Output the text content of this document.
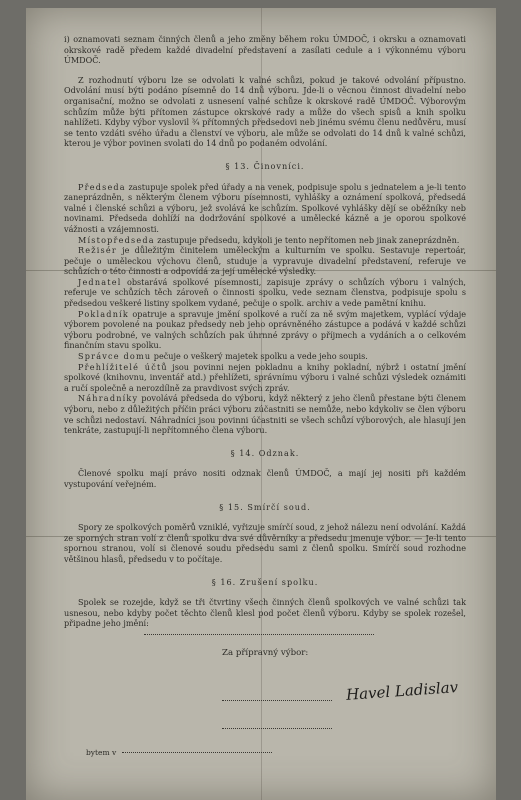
i) oznamovati seznam činných členů a jeho změny během roku ÚMDOČ, i okrsku a oznamovati okrskové radě předem každé divadelní představení a zasílati cedule a i výkonnému výboru ÚMDOČ.

Z rozhodnutí výboru lze se odvolati k valné schůzi, pokud je takové odvolání přípustno. Odvolání musí býti podáno písemně do 14 dnů výboru. Jde-li o věcnou činnost divadelní nebo organisační, možno se odvolati z usnesení valné schůze k okrskové radě ÚMDOČ. Výborovým schůzím může býti přítomen zástupce okrskové rady a může do všech spisů a knih spolku nahlížeti. Kdyby výbor vyslovil ¾ přítomných předsedovi neb jinému svému členu nedůvěru, musí se tento vzdáti svého úřadu a členství ve výboru, ale může se odvolati do 14 dnů k valné schůzi, kterou je výbor povinen svolati do 14 dnů po podaném odvolání.

§ 13. Činovníci.

Předseda zastupuje spolek před úřady a na venek, podpisuje spolu s jednatelem a je-li tento zaneprázdněn, s některým členem výboru písemnosti, vyhlášky a oznámení spolková, předsedá valné i členské schůzi a výboru, jež svolává ke schůzím. Spolkové vyhlášky dějí se oběžníky neb novinami. Předseda dohlíží na dodržování spolkové a umělecké kázně a je oporou spolkové vážnosti a vzájemnosti.

Místopředseda zastupuje předsedu, kdykoli je tento nepřítomen neb jinak zaneprázdněn.

Režisér je důležitým činitelem uměleckým a kulturním ve spolku. Sestavuje repertoár, pečuje o uměleckou výchovu členů, studuje a vypravuje divadelní představení, referuje ve schůzích o této činnosti a odpovídá za její umělecké výsledky.

Jednatel obstarává spolkové písemnosti, zapisuje zprávy o schůzích výboru i valných, referuje ve schůzích těch zároveň o činnosti spolku, vede seznam členstva, podpisuje spolu s předsedou veškeré listiny spolkem vydané, pečuje o spolk. archiv a vede pamětní knihu.

Pokladník opatruje a spravuje jmění spolkové a ručí za ně svým majetkem, vyplácí výdaje výborem povolené na poukaz předsedy neb jeho oprávněného zástupce a podává v každé schůzi výboru podrobné, ve valných schůzích pak úhrnné zprávy o příjmech a vydáních a o celkovém finančním stavu spolku.

Správce domu pečuje o veškerý majetek spolku a vede jeho soupis.

Přehlížitelé účtů jsou povinni nejen pokladnu a knihy pokladní, nýbrž i ostatní jmění spolkové (knihovnu, inventář atd.) přehlížeti, správnímu výboru i valné schůzi výsledek oznámiti a ručí společně a nerozdílně za pravdivost svých zpráv.

Náhradníky povolává předseda do výboru, když některý z jeho členů přestane býti členem výboru, nebo z důležitých příčin práci výboru zúčastniti se nemůže, nebo kdykoliv se člen výboru ve schůzi nedostaví. Náhradníci jsou povinni účastniti se všech schůzí výborových, ale hlasují jen tenkráte, zastupují-li nepřítomného člena výboru.

§ 14. Odznak.

Členové spolku mají právo nositi odznak členů ÚMDOČ, a mají jej nositi při každém vystupování veřejném.

§ 15. Smírčí soud.

Spory ze spolkových poměrů vzniklé, vyřizuje smírčí soud, z jehož nálezu není odvolání. Každá ze sporných stran volí z členů spolku dva své důvěrníky a předsedu jmenuje výbor. — Je-li tento spornou stranou, volí si členové soudu předsedu sami z členů spolku. Smírčí soud rozhodne většinou hlasů, předsedu v to počítaje.

§ 16. Zrušení spolku.

Spolek se rozejde, když se tři čtvrtiny všech činných členů spolkových ve valné schůzi tak usnesou, nebo kdyby počet těchto členů klesl pod počet členů výboru. Kdyby se spolek rozešel, připadne jeho jmění:

Za přípravný výbor:
Havel Ladislav
bytem v
